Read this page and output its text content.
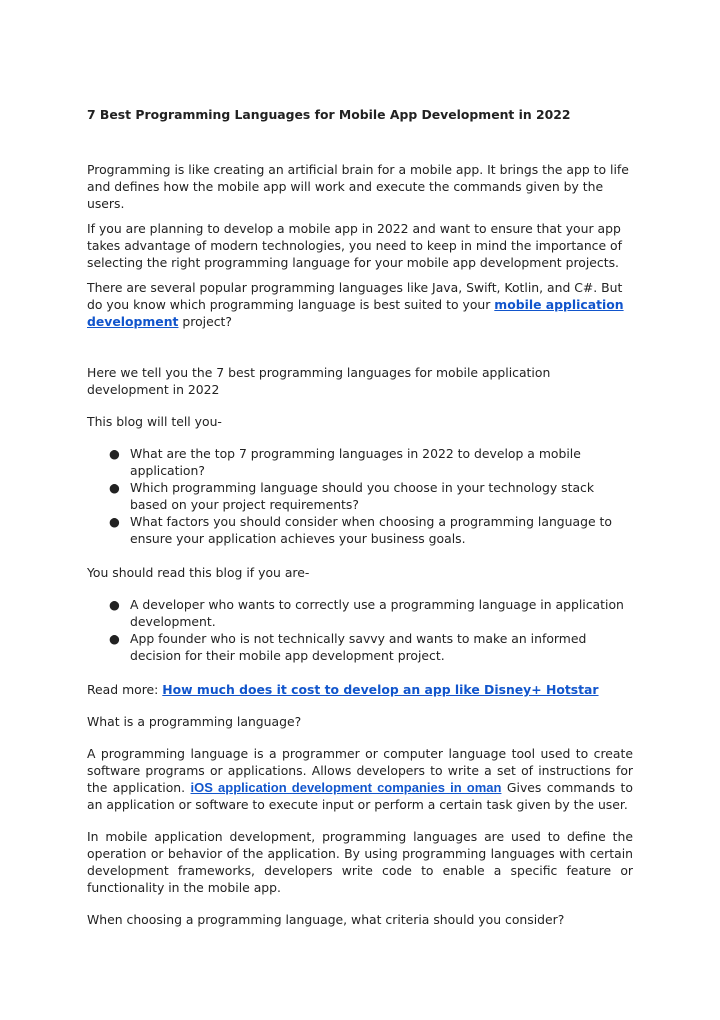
7 Best Programming Languages for Mobile App Development in 2022

Programming is like creating an artificial brain for a mobile app. It brings the app to life and defines how the mobile app will work and execute the commands given by the users.

If you are planning to develop a mobile app in 2022 and want to ensure that your app takes advantage of modern technologies, you need to keep in mind the importance of selecting the right programming language for your mobile app development projects.

There are several popular programming languages like Java, Swift, Kotlin, and C#. But do you know which programming language is best suited to your mobile application development project?

Here we tell you the 7 best programming languages for mobile application development in 2022

This blog will tell you-

● What are the top 7 programming languages in 2022 to develop a mobile application?
● Which programming language should you choose in your technology stack based on your project requirements?
● What factors you should consider when choosing a programming language to ensure your application achieves your business goals.

You should read this blog if you are-

● A developer who wants to correctly use a programming language in application development.
● App founder who is not technically savvy and wants to make an informed decision for their mobile app development project.

Read more: How much does it cost to develop an app like Disney+ Hotstar

What is a programming language?

A programming language is a programmer or computer language tool used to create software programs or applications. Allows developers to write a set of instructions for the application. iOS application development companies in oman Gives commands to an application or software to execute input or perform a certain task given by the user.

In mobile application development, programming languages are used to define the operation or behavior of the application. By using programming languages with certain development frameworks, developers write code to enable a specific feature or functionality in the mobile app.

When choosing a programming language, what criteria should you consider?
